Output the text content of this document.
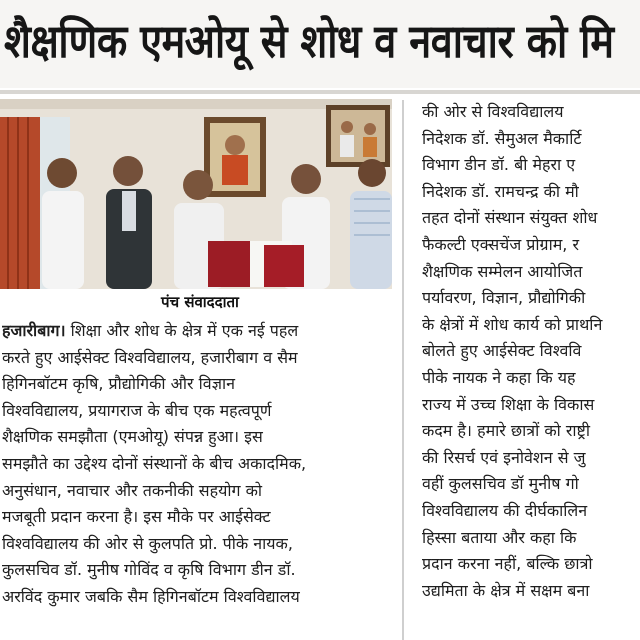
शैक्षणिक एमओयू से शोध व नवाचार को मि
पंच संवाददाता
हजारीबाग। शिक्षा और शोध के क्षेत्र में एक नई पहल
करते हुए आईसेक्ट विश्वविद्यालय, हजारीबाग व सैम
हिगिनबॉटम कृषि, प्रौद्योगिकी और विज्ञान
विश्वविद्यालय, प्रयागराज के बीच एक महत्वपूर्ण
शैक्षणिक समझौता (एमओयू) संपन्न हुआ। इस
समझौते का उद्देश्य दोनों संस्थानों के बीच अकादमिक,
अनुसंधान, नवाचार और तकनीकी सहयोग को
मजबूती प्रदान करना है। इस मौके पर आईसेक्ट
विश्वविद्यालय की ओर से कुलपति प्रो. पीके नायक,
कुलसचिव डॉ. मुनीष गोविंद व कृषि विभाग डीन डॉ.
अरविंद कुमार जबकि सैम हिगिनबॉटम विश्वविद्यालय
की ओर से विश्वविद्यालय
निदेशक डॉ. सैमुअल मैकार्टि
विभाग डीन डॉ. बी मेहरा ए
निदेशक डॉ. रामचन्द्र की मौ
तहत दोनों संस्थान संयुक्त शोध
फैकल्टी एक्सचेंज प्रोग्राम, र
शैक्षणिक सम्मेलन आयोजित
पर्यावरण, विज्ञान, प्रौद्योगिकी
के क्षेत्रों में शोध कार्य को प्राथनि
बोलते हुए आईसेक्ट विश्ववि
पीके नायक ने कहा कि यह
राज्य में उच्च शिक्षा के विकास
कदम है। हमारे छात्रों को राष्ट्री
की रिसर्च एवं इनोवेशन से जु
वहीं कुलसचिव डॉ मुनीष गो
विश्वविद्यालय की दीर्घकालिन
हिस्सा बताया और कहा कि
प्रदान करना नहीं, बल्कि छात्रो
उद्यमिता के क्षेत्र में सक्षम बना
